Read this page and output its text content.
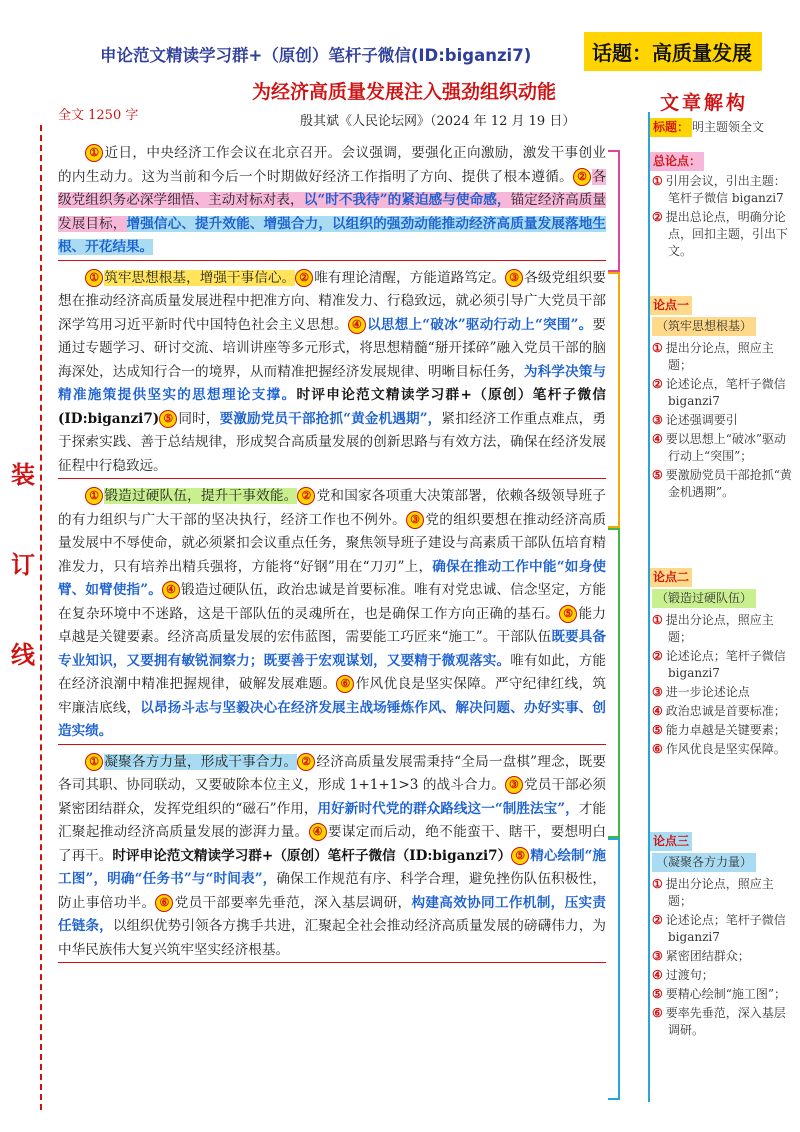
申论范文精读学习群+（原创）笔杆子微信(ID:biganzi7)	话题：高质量发展
为经济高质量发展注入强劲组织动能
全文 1250 字	殷其斌《人民论坛网》（2024 年 12 月 19 日）
装
订
线

① 近日，中央经济工作会议在北京召开。会议强调，要强化正向激励，激发干事创业的内生动力。这为当前和今后一个时期做好经济工作指明了方向、提供了根本遵循。 ② 各级党组织务必深学细悟、主动对标对表，以“时不我待”的紧迫感与使命感，锚定经济高质量发展目标，增强信心、提升效能、增强合力，以组织的强劲动能推动经济高质量发展落地生根、开花结果。

① 筑牢思想根基，增强干事信心。 ② 唯有理论清醒，方能道路笃定。 ③ 各级党组织要想在推动经济高质量发展进程中把准方向、精准发力、行稳致远，就必须引导广大党员干部深学笃用习近平新时代中国特色社会主义思想。 ④ 以思想上“破冰”驱动行动上“突围”。要通过专题学习、研讨交流、培训讲座等多元形式，将思想精髓“掰开揉碎”融入党员干部的脑海深处，达成知行合一的境界，从而精准把握经济发展规律、明晰目标任务，为科学决策与精准施策提供坚实的思想理论支撑。时评申论范文精读学习群+（原创）笔杆子微信(ID:biganzi7) ⑤ 同时，要激励党员干部抢抓“黄金机遇期”，紧扣经济工作重点难点，勇于探索实践、善于总结规律，形成契合高质量发展的创新思路与有效方法，确保在经济发展征程中行稳致远。

① 锻造过硬队伍，提升干事效能。 ② 党和国家各项重大决策部署，依赖各级领导班子的有力组织与广大干部的坚决执行，经济工作也不例外。 ③ 党的组织要想在推动经济高质量发展中不辱使命，就必须紧扣会议重点任务，聚焦领导班子建设与高素质干部队伍培育精准发力，只有培养出精兵强将，方能将“好钢”用在“刀刃”上，确保在推动工作中能“如身使臂、如臂使指”。 ④ 锻造过硬队伍，政治忠诚是首要标准。唯有对党忠诚、信念坚定，方能在复杂环境中不迷路，这是干部队伍的灵魂所在，也是确保工作方向正确的基石。 ⑤ 能力卓越是关键要素。经济高质量发展的宏伟蓝图，需要能工巧匠来“施工”。干部队伍既要具备专业知识，又要拥有敏锐洞察力；既要善于宏观谋划，又要精于微观落实。唯有如此，方能在经济浪潮中精准把握规律，破解发展难题。 ⑥ 作风优良是坚实保障。严守纪律红线，筑牢廉洁底线，以昂扬斗志与坚毅决心在经济发展主战场锤炼作风、解决问题、办好实事、创造实绩。

① 凝聚各方力量，形成干事合力。 ② 经济高质量发展需秉持“全局一盘棋”理念，既要各司其职、协同联动，又要破除本位主义，形成 1+1+1>3 的战斗合力。 ③ 党员干部必须紧密团结群众，发挥党组织的“磁石”作用，用好新时代党的群众路线这一“制胜法宝”，才能汇聚起推动经济高质量发展的澎湃力量。 ④ 要谋定而后动，绝不能蛮干、瞎干，要想明白了再干。时评申论范文精读学习群+（原创）笔杆子微信（ID:biganzi7） ⑤ 精心绘制“施工图”，明确“任务书”与“时间表”，确保工作规范有序、科学合理，避免挫伤队伍积极性，防止事倍功半。 ⑥ 党员干部要率先垂范，深入基层调研，构建高效协同工作机制，压实责任链条，以组织优势引领各方携手共进，汇聚起全社会推动经济高质量发展的磅礴伟力，为中华民族伟大复兴筑牢坚实经济根基。

文章解构
标题： 明主题领全文
总论点：
① 引用会议，引出主题：笔杆子微信 biganzi7
② 提出总论点，明确分论点，回扣主题，引出下文。
论点一（筑牢思想根基）
① 提出分论点，照应主题；
② 论述论点，笔杆子微信 biganzi7
③ 论述强调要引
④ 要以思想上“破冰”驱动行动上“突围”；
⑤ 要激励党员干部抢抓“黄金机遇期”。
论点二（锻造过硬队伍）
① 提出分论点，照应主题；
② 论述论点；笔杆子微信 biganzi7
③ 进一步论述论点
④ 政治忠诚是首要标准；
⑤ 能力卓越是关键要素；
⑥ 作风优良是坚实保障。
论点三（凝聚各方力量）
① 提出分论点，照应主题；
② 论述论点；笔杆子微信 biganzi7
③ 紧密团结群众；
④ 过渡句；
⑤ 要精心绘制“施工图”；
⑥ 要率先垂范，深入基层调研。
